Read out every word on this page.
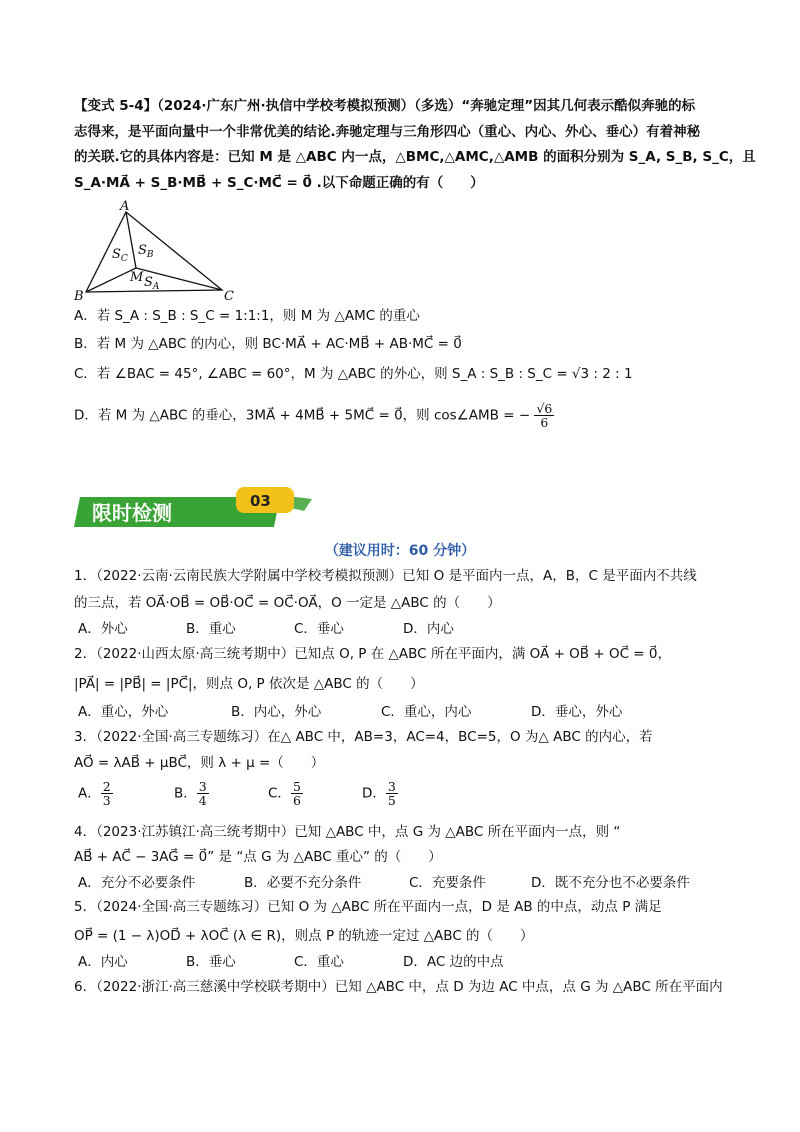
【变式 5-4】（2024·广东广州·执信中学校考模拟预测）（多选）“奔驰定理”因其几何表示酷似奔驰的标
志得来，是平面向量中一个非常优美的结论.奔驰定理与三角形四心（重心、内心、外心、垂心）有着神秘
的关联.它的具体内容是：已知 M 是 △ABC 内一点，△BMC,△AMC,△AMB 的面积分别为 S_A, S_B, S_C，且
S_A·MA⃗ + S_B·MB⃗ + S_C·MC⃗ = 0⃗ .以下命题正确的有（　　）
A
B	C
M
$S_C$
$S_B$
$S_A$
A．若 S_A : S_B : S_C = 1:1:1，则 M 为 △AMC 的重心
B．若 M 为 △ABC 的内心，则 BC·MA⃗ + AC·MB⃗ + AB·MC⃗ = 0⃗
C．若 ∠BAC = 45°, ∠ABC = 60°，M 为 △ABC 的外心，则 S_A : S_B : S_C = √3 : 2 : 1
D．若 M 为 △ABC 的垂心，3MA⃗ + 4MB⃗ + 5MC⃗ = 0⃗，则 cos∠AMB = − $\frac{√6}{6}$
限时检测	03
（建议用时：60 分钟）
1．（2022·云南·云南民族大学附属中学校考模拟预测）已知 O 是平面内一点，A，B，C 是平面内不共线
的三点，若 OA⃗·OB⃗ = OB⃗·OC⃗ = OC⃗·OA⃗，O 一定是 △ABC 的（　　）
A．外心	B．重心	C．垂心	D．内心
2．（2022·山西太原·高三统考期中）已知点 O, P 在 △ABC 所在平面内，满 OA⃗ + OB⃗ + OC⃗ = 0⃗，
|PA⃗| = |PB⃗| = |PC⃗|，则点 O, P 依次是 △ABC 的（　　）
A．重心，外心	B．内心，外心	C．重心，内心	D．垂心，外心
3．（2022·全国·高三专题练习）在△ ABC 中，AB=3，AC=4，BC=5，O 为△ ABC 的内心，若
AO⃗ = λAB⃗ + μBC⃗，则 λ + μ =（　　）
A． $\frac{2}{3}$	B． $\frac{3}{4}$	C． $\frac{5}{6}$	D． $\frac{3}{5}$
4．（2023·江苏镇江·高三统考期中）已知 △ABC 中，点 G 为 △ABC 所在平面内一点，则 “
AB⃗ + AC⃗ − 3AG⃗ = 0⃗” 是 “点 G 为 △ABC 重心” 的（　　）
A．充分不必要条件	B．必要不充分条件	C．充要条件	D．既不充分也不必要条件
5．（2024·全国·高三专题练习）已知 O 为 △ABC 所在平面内一点，D 是 AB 的中点，动点 P 满足
OP⃗ = (1 − λ)OD⃗ + λOC⃗ (λ ∈ R)，则点 P 的轨迹一定过 △ABC 的（　　）
A．内心	B．垂心	C．重心	D．AC 边的中点
6．（2022·浙江·高三慈溪中学校联考期中）已知 △ABC 中，点 D 为边 AC 中点，点 G 为 △ABC 所在平面内
